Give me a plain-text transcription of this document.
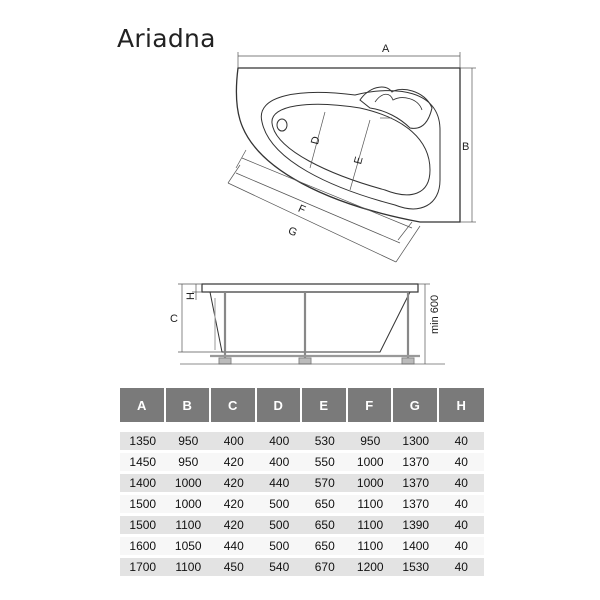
Ariadna	A
B
D
E
F
G
C
H	min 600
A	B	C	D	E	F	G	H

1350	950	400	400	530	950	1300	40
1450	950	420	400	550	1000	1370	40
1400	1000	420	440	570	1000	1370	40
1500	1000	420	500	650	1100	1370	40
1500	1100	420	500	650	1100	1390	40
1600	1050	440	500	650	1100	1400	40
1700	1100	450	540	670	1200	1530	40
